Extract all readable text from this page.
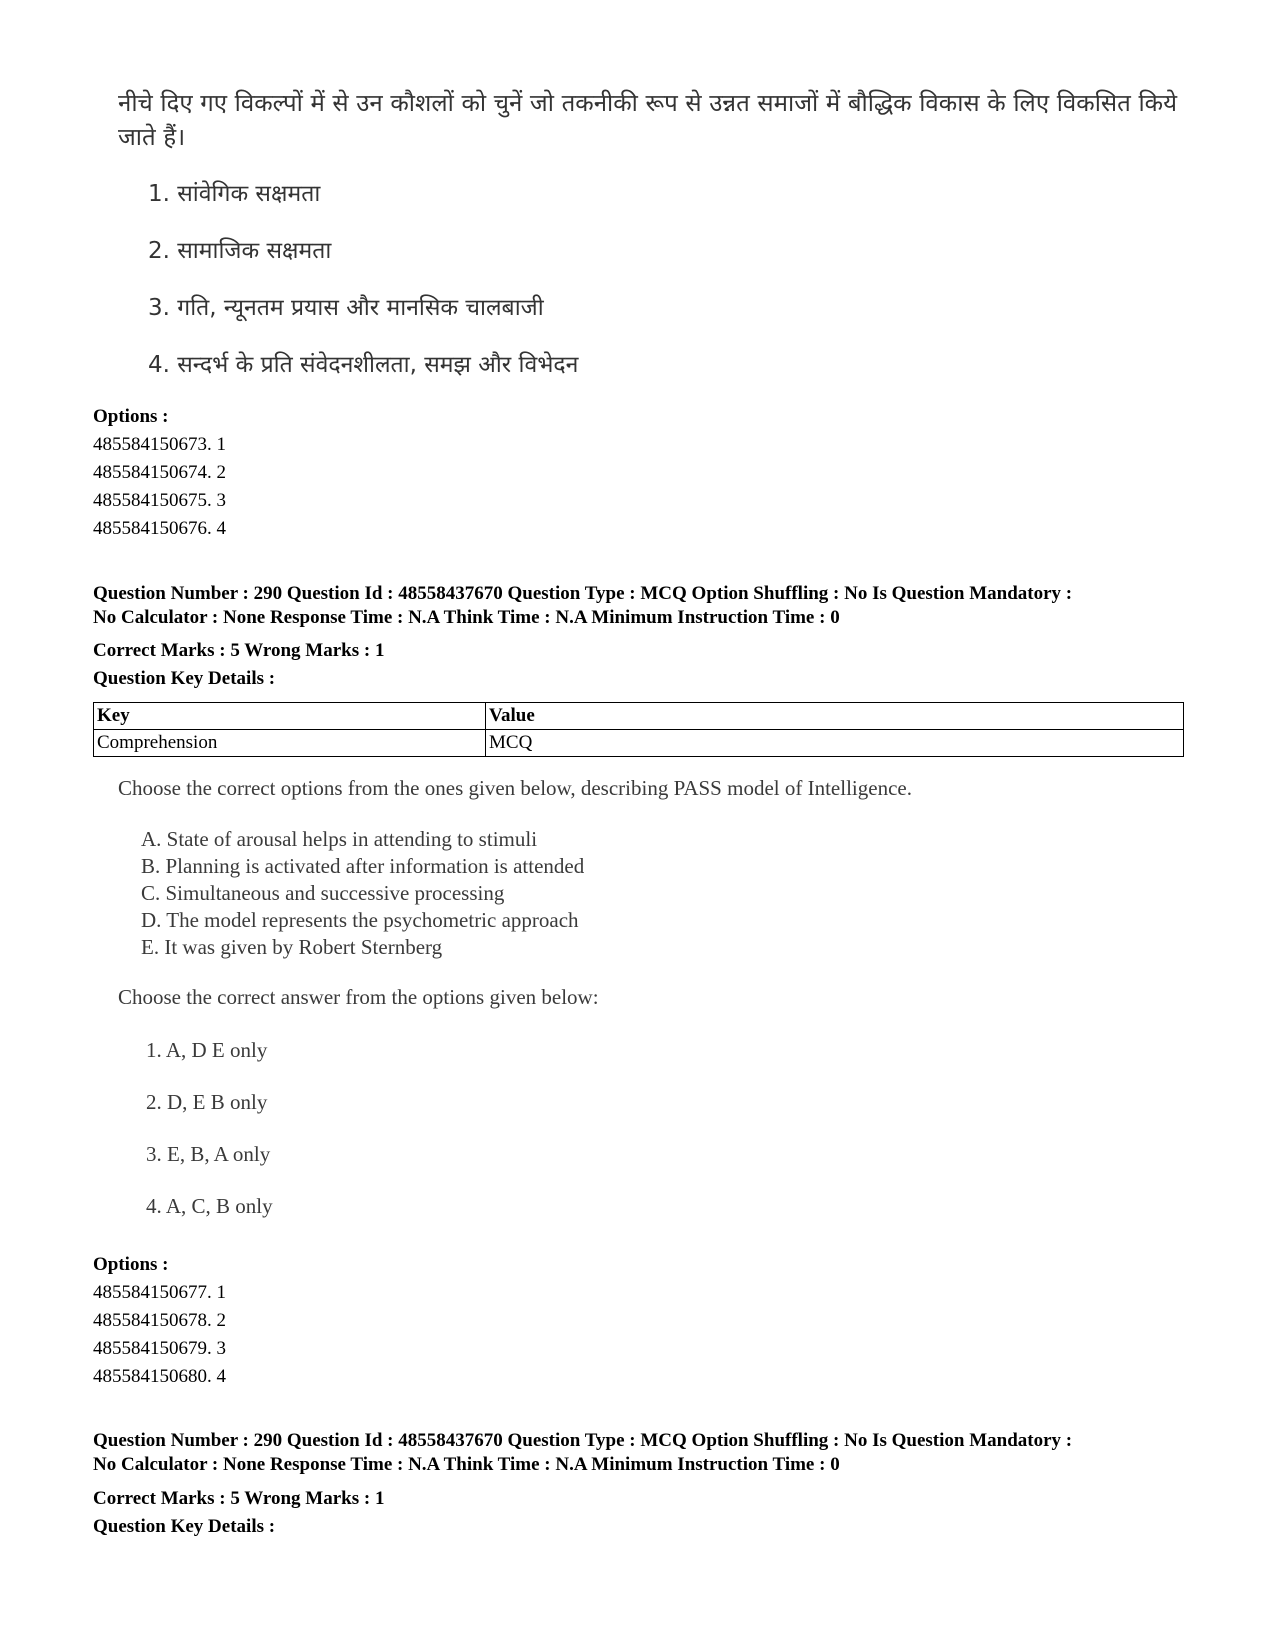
नीचे दिए गए विकल्पों में से उन कौशलों को चुनें जो तकनीकी रूप से उन्नत समाजों में बौद्धिक विकास के लिए विकसित किये जाते हैं।
1. सांवेगिक सक्षमता
2. सामाजिक सक्षमता
3. गति, न्यूनतम प्रयास और मानसिक चालबाजी
4. सन्दर्भ के प्रति संवेदनशीलता, समझ और विभेदन
Options :
485584150673. 1
485584150674. 2
485584150675. 3
485584150676. 4
Question Number : 290 Question Id : 48558437670 Question Type : MCQ Option Shuffling : No Is Question Mandatory :
No Calculator : None Response Time : N.A Think Time : N.A Minimum Instruction Time : 0
Correct Marks : 5 Wrong Marks : 1
Question Key Details :
Key	Value
Comprehension	MCQ
Choose the correct options from the ones given below, describing PASS model of Intelligence.
A. State of arousal helps in attending to stimuli
B. Planning is activated after information is attended
C. Simultaneous and successive processing
D. The model represents the psychometric approach
E. It was given by Robert Sternberg
Choose the correct answer from the options given below:
1. A, D E only
2. D, E B only
3. E, B, A only
4. A, C, B only
Options :
485584150677. 1
485584150678. 2
485584150679. 3
485584150680. 4
Question Number : 290 Question Id : 48558437670 Question Type : MCQ Option Shuffling : No Is Question Mandatory :
No Calculator : None Response Time : N.A Think Time : N.A Minimum Instruction Time : 0
Correct Marks : 5 Wrong Marks : 1
Question Key Details :
